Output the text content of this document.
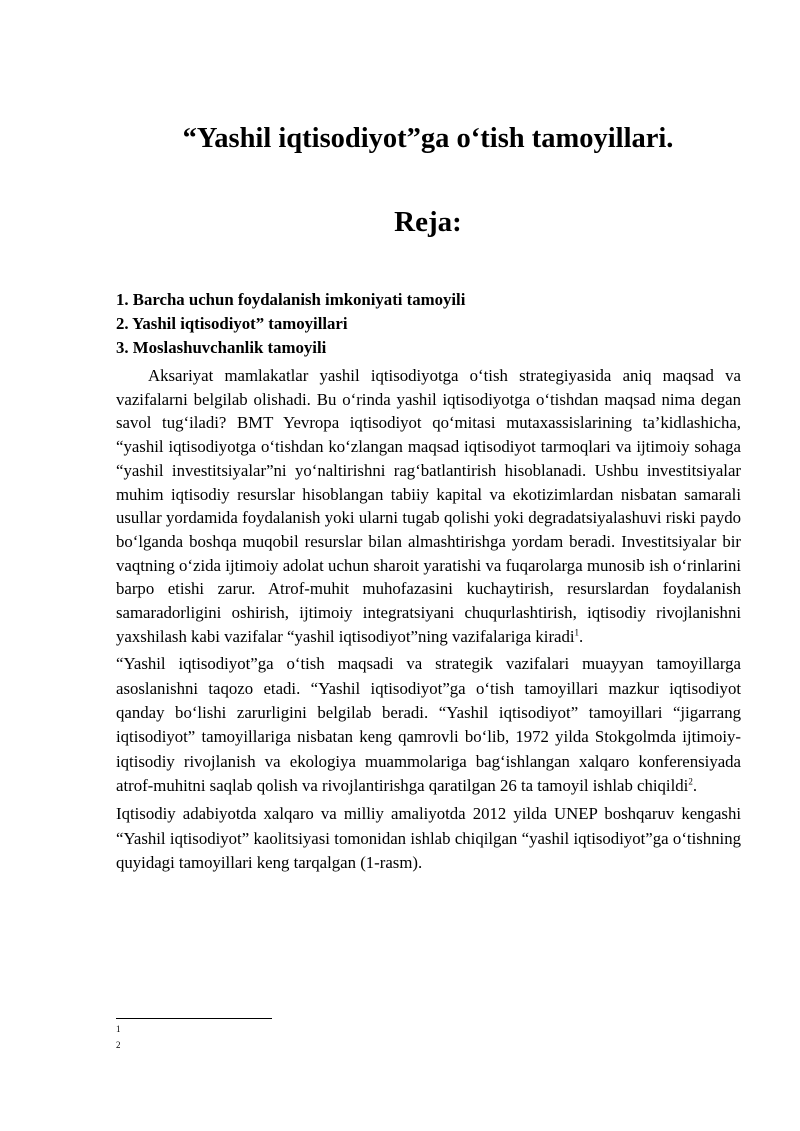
“Yashil iqtisodiyot”ga o‘tish tamoyillari.
Reja:
1. Barcha uchun foydalanish imkoniyati tamoyili
2. Yashil iqtisodiyot” tamoyillari
3. Moslashuvchanlik tamoyili

Aksariyat mamlakatlar yashil iqtisodiyotga o‘tish strategiyasida aniq maqsad va vazifalarni belgilab olishadi. Bu o‘rinda yashil iqtisodiyotga o‘tishdan maqsad nima degan savol tug‘iladi? BMT Yevropa iqtisodiyot qo‘mitasi mutaxassislarining ta’kidlashicha, “yashil iqtisodiyotga o‘tishdan ko‘zlangan maqsad iqtisodiyot tarmoqlari va ijtimoiy sohaga “yashil investitsiyalar”ni yo‘naltirishni rag‘batlantirish hisoblanadi. Ushbu investitsiyalar muhim iqtisodiy resurslar hisoblangan tabiiy kapital va ekotizimlardan nisbatan samarali usullar yordamida foydalanish yoki ularni tugab qolishi yoki degradatsiyalashuvi riski paydo bo‘lganda boshqa muqobil resurslar bilan almashtirishga yordam beradi. Investitsiyalar bir vaqtning o‘zida ijtimoiy adolat uchun sharoit yaratishi va fuqarolarga munosib ish o‘rinlarini barpo etishi zarur. Atrof-muhit muhofazasini kuchaytirish, resurslardan foydalanish samaradorligini oshirish, ijtimoiy integratsiyani chuqurlashtirish, iqtisodiy rivojlanishni yaxshilash kabi vazifalar “yashil iqtisodiyot”ning vazifalariga kiradi$^1$.

“Yashil iqtisodiyot”ga o‘tish maqsadi va strategik vazifalari muayyan tamoyillarga asoslanishni taqozo etadi. “Yashil iqtisodiyot”ga o‘tish tamoyillari mazkur iqtisodiyot qanday bo‘lishi zarurligini belgilab beradi. “Yashil iqtisodiyot” tamoyillari “jigarrang iqtisodiyot” tamoyillariga nisbatan keng qamrovli bo‘lib, 1972 yilda Stokgolmda ijtimoiy-iqtisodiy rivojlanish va ekologiya muammolariga bag‘ishlangan xalqaro konferensiyada atrof-muhitni saqlab qolish va rivojlantirishga qaratilgan 26 ta tamoyil ishlab chiqildi$^2$.

Iqtisodiy adabiyotda xalqaro va milliy amaliyotda 2012 yilda UNEP boshqaruv kengashi “Yashil iqtisodiyot” kaolitsiyasi tomonidan ishlab chiqilgan “yashil iqtisodiyot”ga o‘tishning quyidagi tamoyillari keng tarqalgan (1-rasm).

1
2
